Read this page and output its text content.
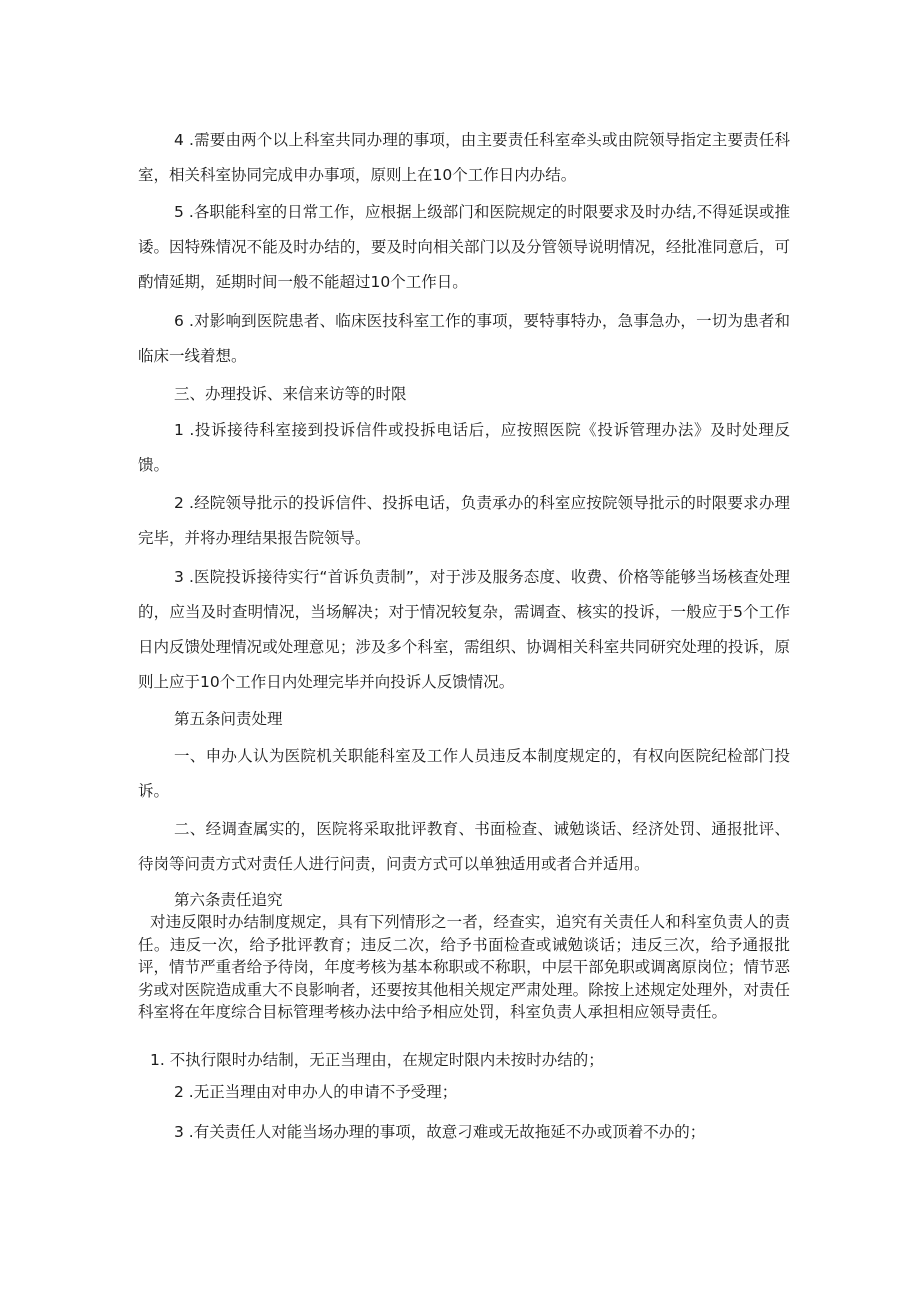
4 .需要由两个以上科室共同办理的事项，由主要责任科室牵头或由院领导指定主要责任科室，相关科室协同完成申办事项，原则上在10个工作日内办结。

5 .各职能科室的日常工作，应根据上级部门和医院规定的时限要求及时办结,不得延误或推诿。因特殊情况不能及时办结的，要及时向相关部门以及分管领导说明情况，经批准同意后，可酌情延期，延期时间一般不能超过10个工作日。

6 .对影响到医院患者、临床医技科室工作的事项，要特事特办，急事急办，一切为患者和临床一线着想。

三、办理投诉、来信来访等的时限

1 .投诉接待科室接到投诉信件或投拆电话后，应按照医院《投诉管理办法》及时处理反馈。

2 .经院领导批示的投诉信件、投拆电话，负责承办的科室应按院领导批示的时限要求办理完毕，并将办理结果报告院领导。

3 .医院投诉接待实行“首诉负责制”，对于涉及服务态度、收费、价格等能够当场核查处理的，应当及时查明情况，当场解决；对于情况较复杂，需调查、核实的投诉，一般应于5个工作日内反馈处理情况或处理意见；涉及多个科室，需组织、协调相关科室共同研究处理的投诉，原则上应于10个工作日内处理完毕并向投诉人反馈情况。

第五条问责处理

一、申办人认为医院机关职能科室及工作人员违反本制度规定的，有权向医院纪检部门投诉。

二、经调查属实的，医院将采取批评教育、书面检查、诫勉谈话、经济处罚、通报批评、待岗等问责方式对责任人进行问责，问责方式可以单独适用或者合并适用。

第六条责任追究

对违反限时办结制度规定，具有下列情形之一者，经查实，追究有关责任人和科室负责人的责任。违反一次，给予批评教育；违反二次，给予书面检查或诫勉谈话；违反三次，给予通报批评，情节严重者给予待岗，年度考核为基本称职或不称职，中层干部免职或调离原岗位；情节恶劣或对医院造成重大不良影响者，还要按其他相关规定严肃处理。除按上述规定处理外，对责任科室将在年度综合目标管理考核办法中给予相应处罚，科室负责人承担相应领导责任。

1. 不执行限时办结制，无正当理由，在规定时限内未按时办结的；

2 .无正当理由对申办人的申请不予受理；

3 .有关责任人对能当场办理的事项，故意刁难或无故拖延不办或顶着不办的；
